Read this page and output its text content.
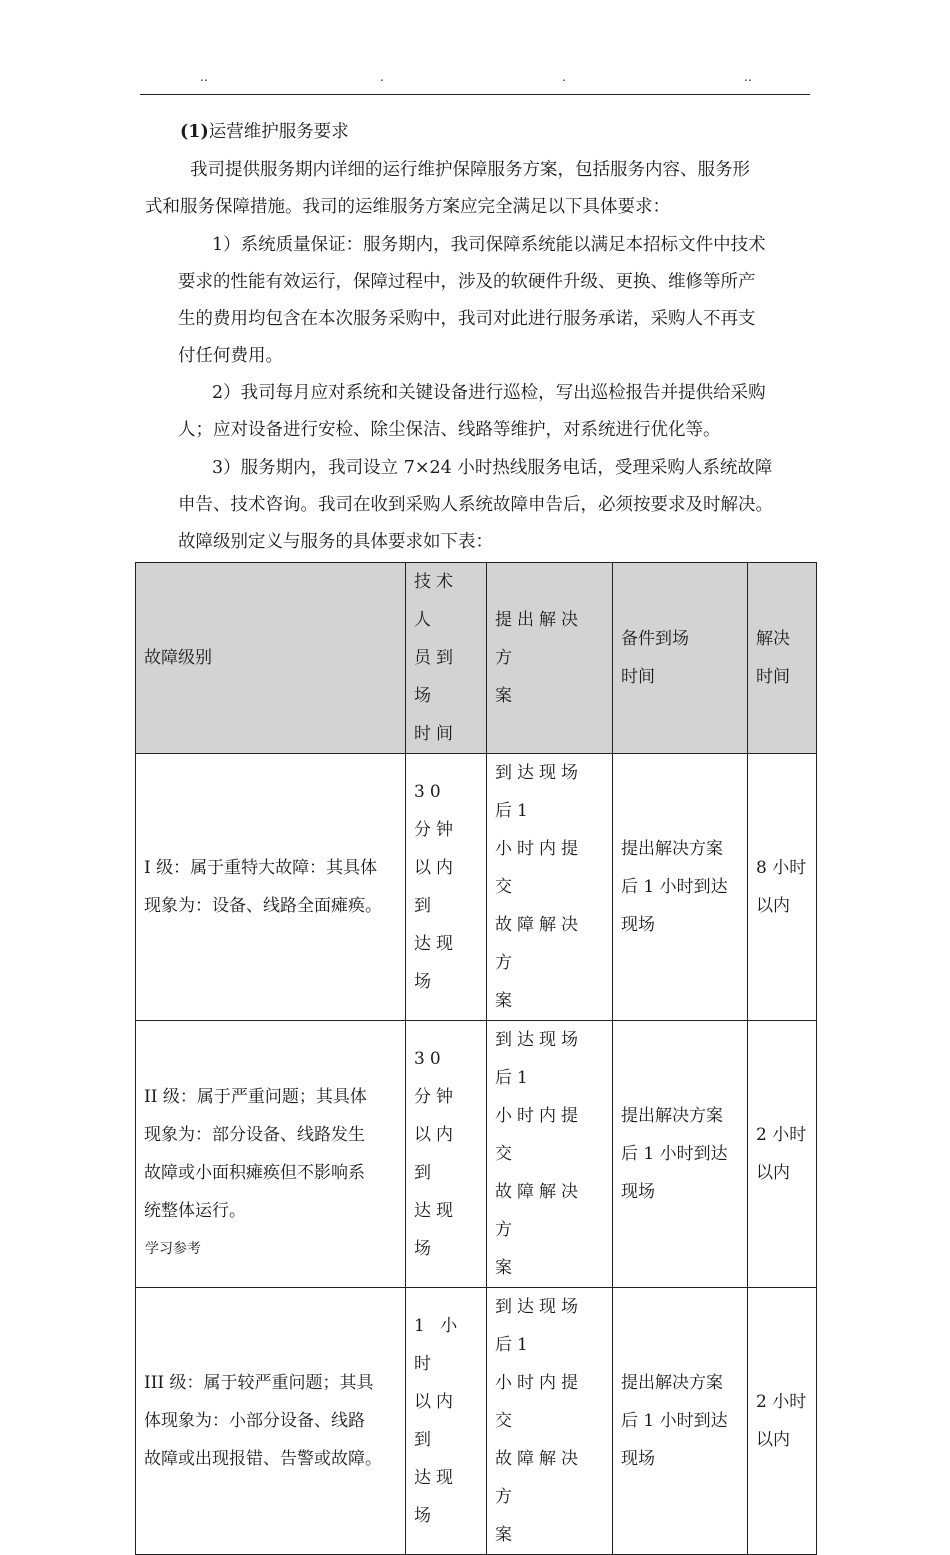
..	.	.	..
(1)运营维护服务要求
我司提供服务期内详细的运行维护保障服务方案，包括服务内容、服务形
式和服务保障措施。我司的运维服务方案应完全满足以下具体要求：
1）系统质量保证：服务期内，我司保障系统能以满足本招标文件中技术
要求的性能有效运行，保障过程中，涉及的软硬件升级、更换、维修等所产
生的费用均包含在本次服务采购中，我司对此进行服务承诺，采购人不再支
付任何费用。
2）我司每月应对系统和关键设备进行巡检，写出巡检报告并提供给采购
人；应对设备进行安检、除尘保洁、线路等维护，对系统进行优化等。
3）服务期内，我司设立 7×24 小时热线服务电话，受理采购人系统故障
申告、技术咨询。我司在收到采购人系统故障申告后，必须按要求及时解决。
故障级别定义与服务的具体要求如下表：
故障级别	技术人
员到场
时间	提出解决方
案	备件到场
时间	解决
时间

I 级：属于重特大故障：其具体
现象为：设备、线路全面瘫痪。	30 分钟
以内到
达现场	到达现场后1
小时内提交
故障解决方
案	提出解决方案
后 1 小时到达
现场	8 小时
以内

II 级：属于严重问题；其具体
现象为：部分设备、线路发生
故障或小面积瘫痪但不影响系
统整体运行。	30 分钟
以内到
达现场	到达现场后1
小时内提交
故障解决方
案	提出解决方案
后 1 小时到达
现场	2 小时
以内

III 级：属于较严重问题；其具
体现象为：小部分设备、线路
故障或出现报错、告警或故障。	1 小时
以内到
达现场	到达现场后1
小时内提交
故障解决方
案	提出解决方案
后 1 小时到达
现场	2 小时
以内
学习参考
